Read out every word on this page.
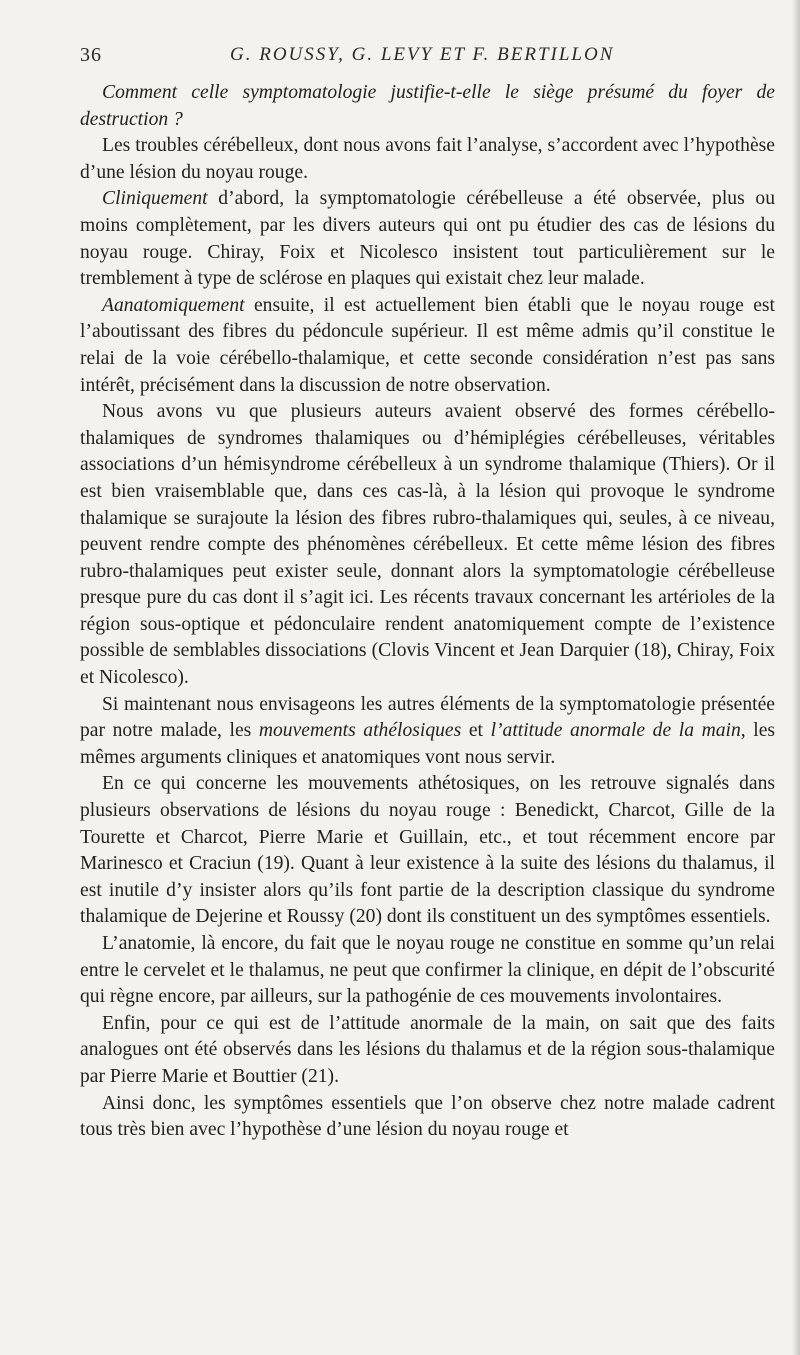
36	G. ROUSSY, G. LEVY ET F. BERTILLON

Comment celle symptomatologie justifie-t-elle le siège présumé du foyer de destruction ?

Les troubles cérébelleux, dont nous avons fait l’analyse, s’accordent avec l’hypothèse d’une lésion du noyau rouge.

Cliniquement d’abord, la symptomatologie cérébelleuse a été observée, plus ou moins complètement, par les divers auteurs qui ont pu étudier des cas de lésions du noyau rouge. Chiray, Foix et Nicolesco insistent tout particulièrement sur le tremblement à type de sclérose en plaques qui existait chez leur malade.

Aanatomiquement ensuite, il est actuellement bien établi que le noyau rouge est l’aboutissant des fibres du pédoncule supérieur. Il est même admis qu’il constitue le relai de la voie cérébello-thalamique, et cette seconde considération n’est pas sans intérêt, précisément dans la discussion de notre observation.

Nous avons vu que plusieurs auteurs avaient observé des formes cérébello-thalamiques de syndromes thalamiques ou d’hémiplégies cérébelleuses, véritables associations d’un hémisyndrome cérébelleux à un syndrome thalamique (Thiers). Or il est bien vraisemblable que, dans ces cas-là, à la lésion qui provoque le syndrome thalamique se surajoute la lésion des fibres rubro-thalamiques qui, seules, à ce niveau, peuvent rendre compte des phénomènes cérébelleux. Et cette même lésion des fibres rubro-thalamiques peut exister seule, donnant alors la symptomatologie cérébelleuse presque pure du cas dont il s’agit ici. Les récents travaux concernant les artérioles de la région sous-optique et pédonculaire rendent anatomiquement compte de l’existence possible de semblables dissociations (Clovis Vincent et Jean Darquier (18), Chiray, Foix et Nicolesco).

Si maintenant nous envisageons les autres éléments de la symptomatologie présentée par notre malade, les mouvements athélosiques et l’attitude anormale de la main, les mêmes arguments cliniques et anatomiques vont nous servir.

En ce qui concerne les mouvements athétosiques, on les retrouve signalés dans plusieurs observations de lésions du noyau rouge : Benedickt, Charcot, Gille de la Tourette et Charcot, Pierre Marie et Guillain, etc., et tout récemment encore par Marinesco et Craciun (19). Quant à leur existence à la suite des lésions du thalamus, il est inutile d’y insister alors qu’ils font partie de la description classique du syndrome thalamique de Dejerine et Roussy (20) dont ils constituent un des symptômes essentiels.

L’anatomie, là encore, du fait que le noyau rouge ne constitue en somme qu’un relai entre le cervelet et le thalamus, ne peut que confirmer la clinique, en dépit de l’obscurité qui règne encore, par ailleurs, sur la pathogénie de ces mouvements involontaires.

Enfin, pour ce qui est de l’attitude anormale de la main, on sait que des faits analogues ont été observés dans les lésions du thalamus et de la région sous-thalamique par Pierre Marie et Bouttier (21).

Ainsi donc, les symptômes essentiels que l’on observe chez notre malade cadrent tous très bien avec l’hypothèse d’une lésion du noyau rouge et
